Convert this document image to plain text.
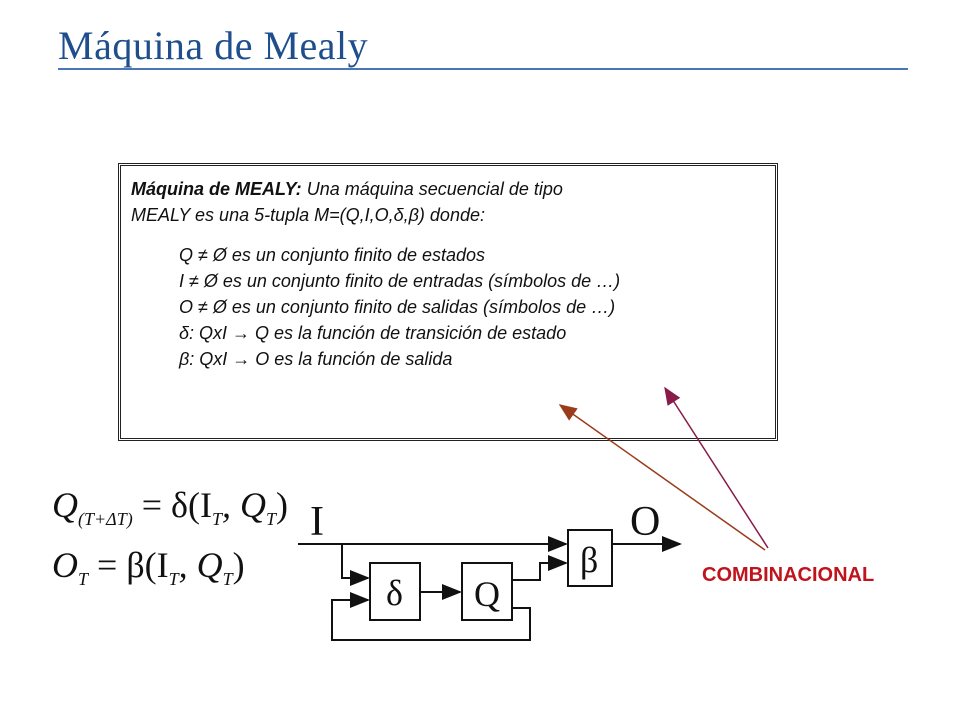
Máquina de Mealy
Máquina de MEALY: Una máquina secuencial de tipo
MEALY es una 5-tupla M=(Q,I,O,δ,β) donde:
Q ≠ Ø es un conjunto finito de estados
I ≠ Ø es un conjunto finito de entradas (símbolos de …)
O ≠ Ø es un conjunto finito de salidas (símbolos de …)
δ: QxI → Q es la función de transición de estado
β: QxI → O es la función de salida
$Q_{(T+\Delta T)} = \delta(I_T$, $Q_T$)
$O_T = \beta(I_T$, $Q_T$)
I	O
δ Q
β	COMBINACIONAL
